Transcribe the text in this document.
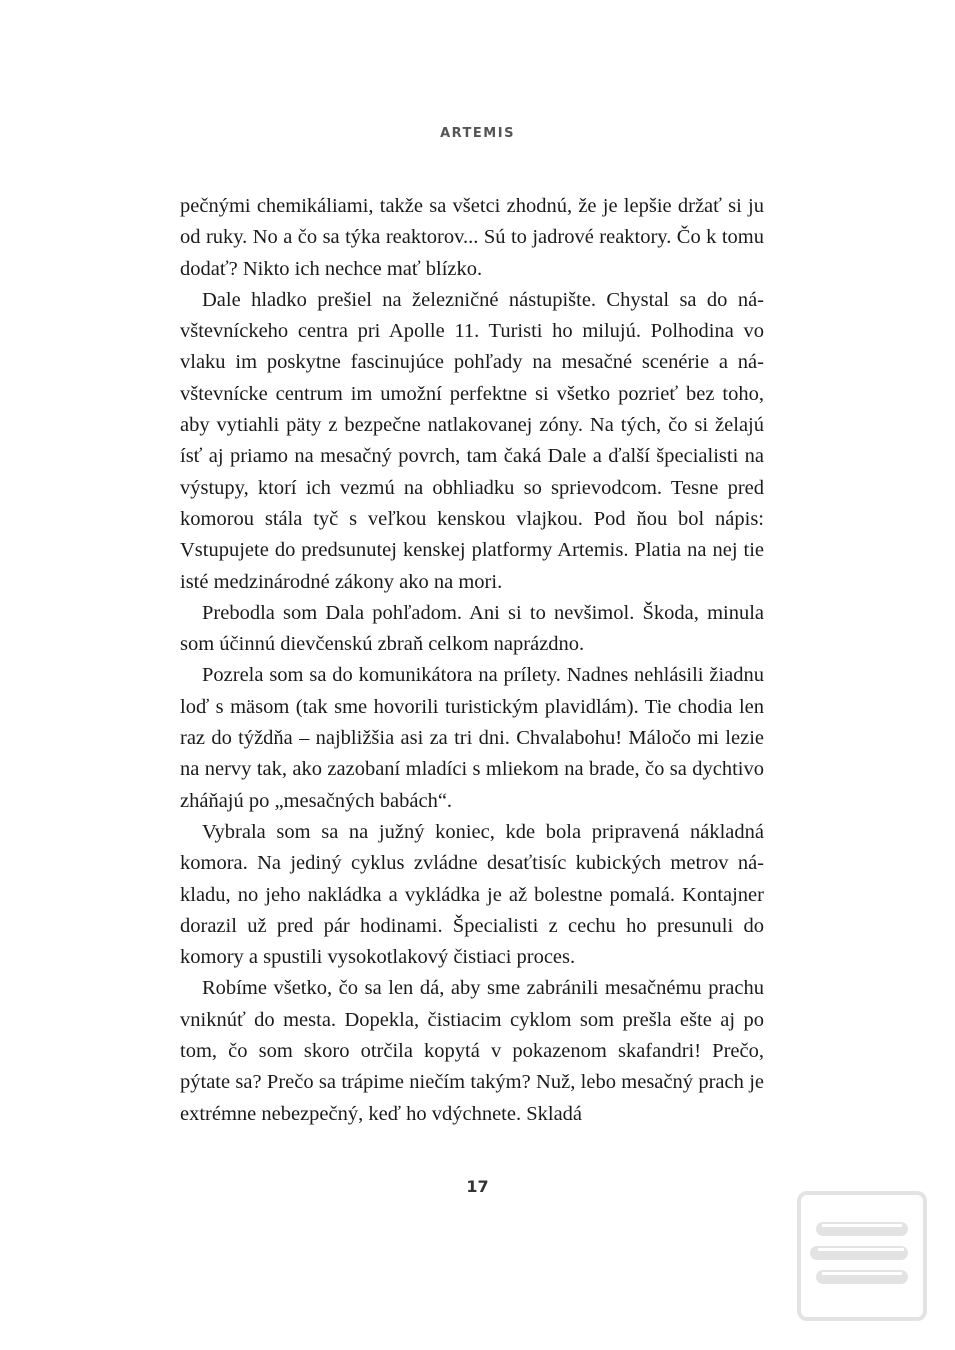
ARTEMIS

pečnými chemikáliami, takže sa všetci zhodnú, že je lepšie držať si ju od ruky. No a čo sa týka reaktorov... Sú to jadrové reaktory. Čo k tomu dodať? Nikto ich nechce mať blízko.

Dale hladko prešiel na železničné nástupište. Chystal sa do návštevníckeho centra pri Apolle 11. Turisti ho milujú. Polhodina vo vlaku im poskytne fascinujúce pohľady na mesačné scenérie a návštevnícke centrum im umožní perfektne si všetko pozrieť bez toho, aby vytiahli päty z bezpečne natlakovanej zóny. Na tých, čo si želajú ísť aj priamo na mesačný povrch, tam čaká Dale a ďalší špecialisti na výstupy, ktorí ich vezmú na obhliadku so sprievodcom. Tesne pred komorou stála tyč s veľkou kenskou vlajkou. Pod ňou bol nápis: Vstupujete do predsunutej kenskej platformy Artemis. Platia na nej tie isté medzinárodné zákony ako na mori.

Prebodla som Dala pohľadom. Ani si to nevšimol. Škoda, minula som účinnú dievčenskú zbraň celkom naprázdno.

Pozrela som sa do komunikátora na prílety. Nadnes nehlásili žiadnu loď s mäsom (tak sme hovorili turistickým plavidlám). Tie chodia len raz do týždňa – najbližšia asi za tri dni. Chvalabohu! Máločo mi lezie na nervy tak, ako zazobaní mladíci s mliekom na brade, čo sa dychtivo zháňajú po „mesačných babách“.

Vybrala som sa na južný koniec, kde bola pripravená nákladná komora. Na jediný cyklus zvládne desaťtisíc kubických metrov nákladu, no jeho nakládka a vykládka je až bolestne pomalá. Kontajner dorazil už pred pár hodinami. Špecialisti z cechu ho presunuli do komory a spustili vysokotlakový čistiaci proces.

Robíme všetko, čo sa len dá, aby sme zabránili mesačnému prachu vniknúť do mesta. Dopekla, čistiacim cyklom som prešla ešte aj po tom, čo som skoro otrčila kopytá v pokazenom skafandri! Prečo, pýtate sa? Prečo sa trápime niečím takým? Nuž, lebo mesačný prach je extrémne nebezpečný, keď ho vdýchnete. Skladá

17
